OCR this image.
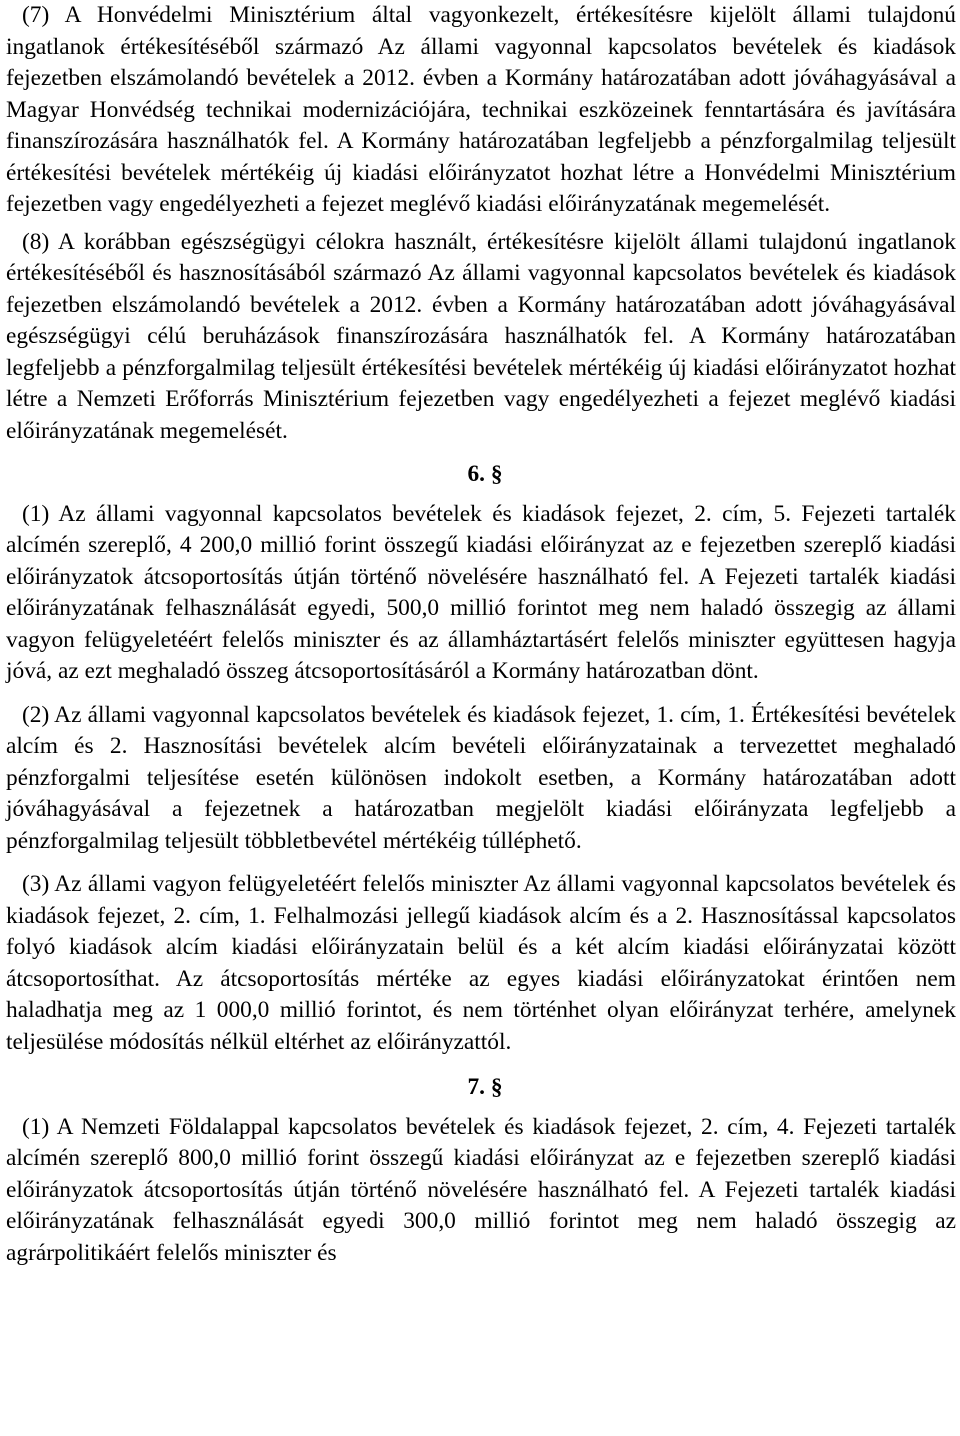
(7) A Honvédelmi Minisztérium által vagyonkezelt, értékesítésre kijelölt állami tulajdonú ingatlanok értékesítéséből származó Az állami vagyonnal kapcsolatos bevételek és kiadások fejezetben elszámolandó bevételek a 2012. évben a Kormány határozatában adott jóváhagyásával a Magyar Honvédség technikai modernizációjára, technikai eszközeinek fenntartására és javítására finanszírozására használhatók fel. A Kormány határozatában legfeljebb a pénzforgalmilag teljesült értékesítési bevételek mértékéig új kiadási előirányzatot hozhat létre a Honvédelmi Minisztérium fejezetben vagy engedélyezheti a fejezet meglévő kiadási előirányzatának megemelését.

(8) A korábban egészségügyi célokra használt, értékesítésre kijelölt állami tulajdonú ingatlanok értékesítéséből és hasznosításából származó Az állami vagyonnal kapcsolatos bevételek és kiadások fejezetben elszámolandó bevételek a 2012. évben a Kormány határozatában adott jóváhagyásával egészségügyi célú beruházások finanszírozására használhatók fel. A Kormány határozatában legfeljebb a pénzforgalmilag teljesült értékesítési bevételek mértékéig új kiadási előirányzatot hozhat létre a Nemzeti Erőforrás Minisztérium fejezetben vagy engedélyezheti a fejezet meglévő kiadási előirányzatának megemelését.

6. §

(1) Az állami vagyonnal kapcsolatos bevételek és kiadások fejezet, 2. cím, 5. Fejezeti tartalék alcímén szereplő, 4 200,0 millió forint összegű kiadási előirányzat az e fejezetben szereplő kiadási előirányzatok átcsoportosítás útján történő növelésére használható fel. A Fejezeti tartalék kiadási előirányzatának felhasználását egyedi, 500,0 millió forintot meg nem haladó összegig az állami vagyon felügyeletéért felelős miniszter és az államháztartásért felelős miniszter együttesen hagyja jóvá, az ezt meghaladó összeg átcsoportosításáról a Kormány határozatban dönt.

(2) Az állami vagyonnal kapcsolatos bevételek és kiadások fejezet, 1. cím, 1. Értékesítési bevételek alcím és 2. Hasznosítási bevételek alcím bevételi előirányzatainak a tervezettet meghaladó pénzforgalmi teljesítése esetén különösen indokolt esetben, a Kormány határozatában adott jóváhagyásával a fejezetnek a határozatban megjelölt kiadási előirányzata legfeljebb a pénzforgalmilag teljesült többletbevétel mértékéig túlléphető.

(3) Az állami vagyon felügyeletéért felelős miniszter Az állami vagyonnal kapcsolatos bevételek és kiadások fejezet, 2. cím, 1. Felhalmozási jellegű kiadások alcím és a 2. Hasznosítással kapcsolatos folyó kiadások alcím kiadási előirányzatain belül és a két alcím kiadási előirányzatai között átcsoportosíthat. Az átcsoportosítás mértéke az egyes kiadási előirányzatokat érintően nem haladhatja meg az 1 000,0 millió forintot, és nem történhet olyan előirányzat terhére, amelynek teljesülése módosítás nélkül eltérhet az előirányzattól.

7. §

(1) A Nemzeti Földalappal kapcsolatos bevételek és kiadások fejezet, 2. cím, 4. Fejezeti tartalék alcímén szereplő 800,0 millió forint összegű kiadási előirányzat az e fejezetben szereplő kiadási előirányzatok átcsoportosítás útján történő növelésére használható fel. A Fejezeti tartalék kiadási előirányzatának felhasználását egyedi 300,0 millió forintot meg nem haladó összegig az agrárpolitikáért felelős miniszter és
